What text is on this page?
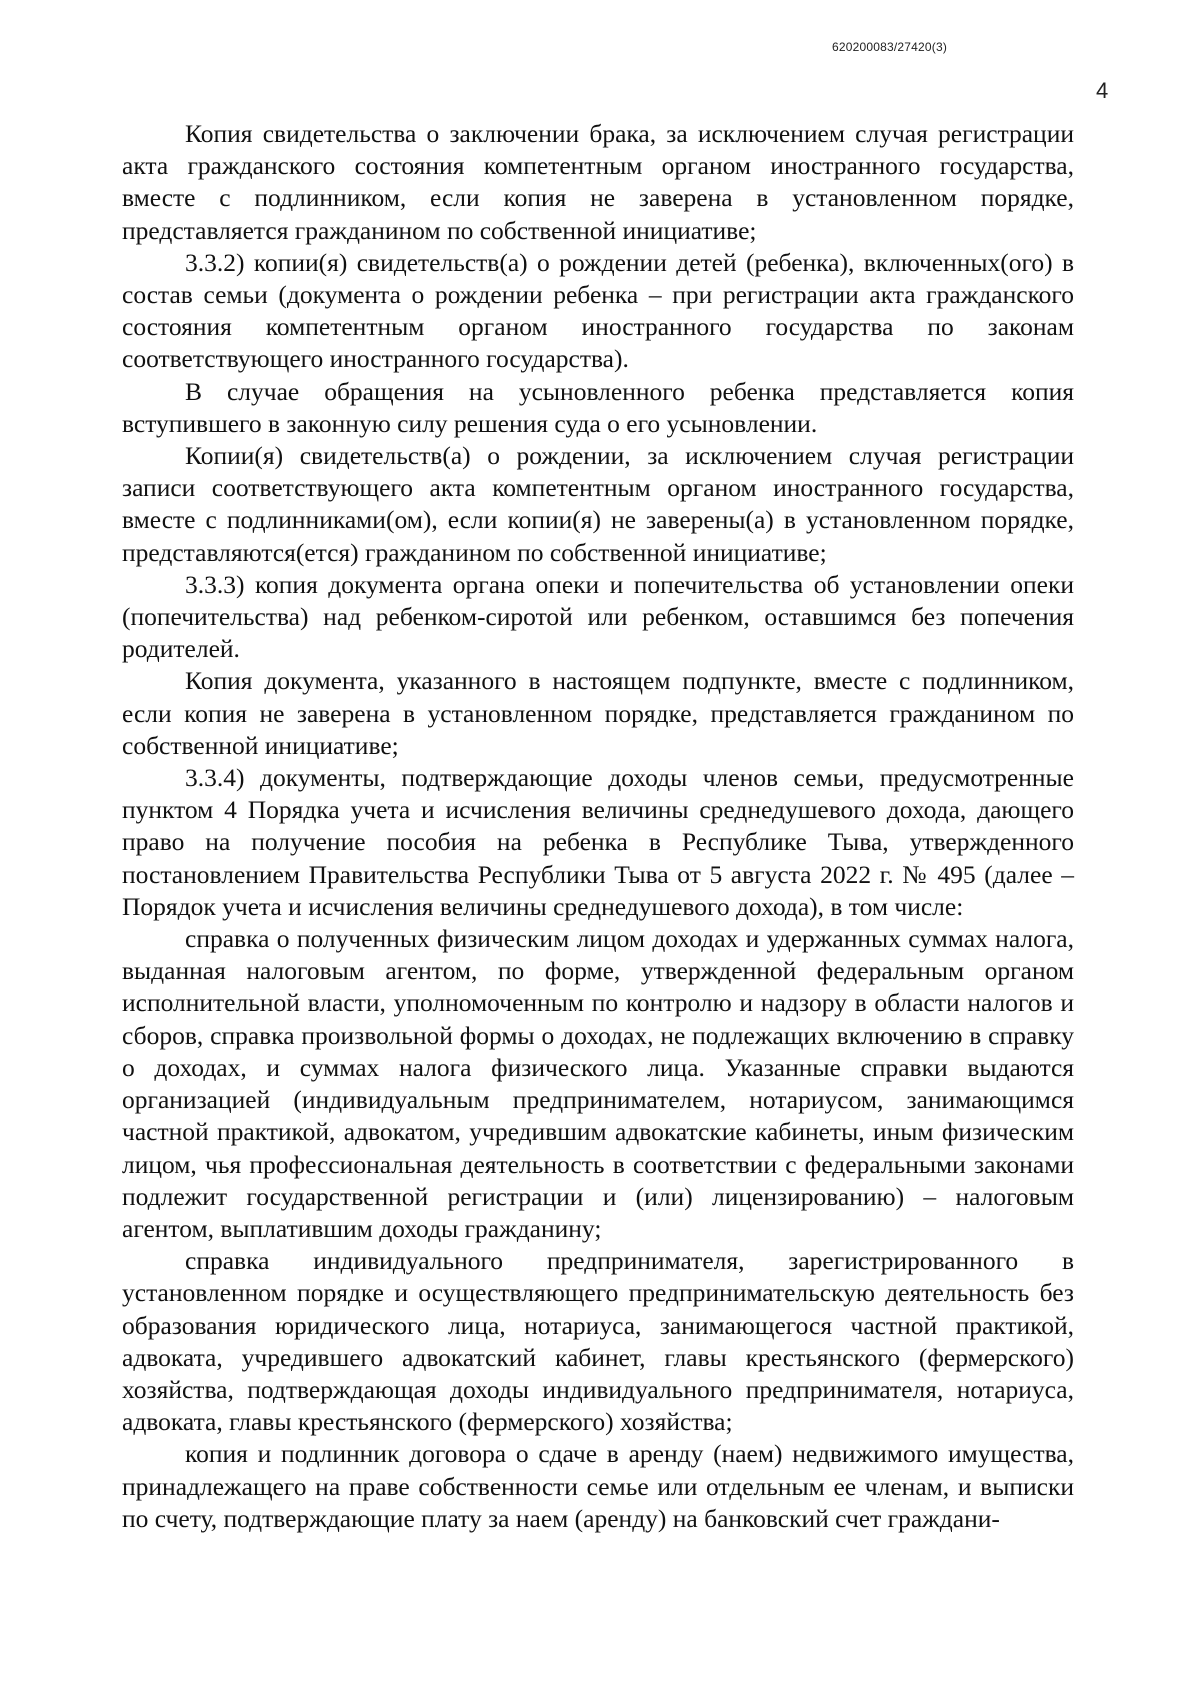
620200083/27420(3)
4

Копия свидетельства о заключении брака, за исключением случая регистрации акта гражданского состояния компетентным органом иностранного государства, вместе с подлинником, если копия не заверена в установленном порядке, представляется гражданином по собственной инициативе;

3.3.2) копии(я) свидетельств(а) о рождении детей (ребенка), включенных(ого) в состав семьи (документа о рождении ребенка – при регистрации акта гражданского состояния компетентным органом иностранного государства по законам соответствующего иностранного государства).

В случае обращения на усыновленного ребенка представляется копия вступившего в законную силу решения суда о его усыновлении.

Копии(я) свидетельств(а) о рождении, за исключением случая регистрации записи соответствующего акта компетентным органом иностранного государства, вместе с подлинниками(ом), если копии(я) не заверены(а) в установленном порядке, представляются(ется) гражданином по собственной инициативе;

3.3.3) копия документа органа опеки и попечительства об установлении опеки (попечительства) над ребенком-сиротой или ребенком, оставшимся без попечения родителей.

Копия документа, указанного в настоящем подпункте, вместе с подлинником, если копия не заверена в установленном порядке, представляется гражданином по собственной инициативе;

3.3.4) документы, подтверждающие доходы членов семьи, предусмотренные пунктом 4 Порядка учета и исчисления величины среднедушевого дохода, дающего право на получение пособия на ребенка в Республике Тыва, утвержденного постановлением Правительства Республики Тыва от 5 августа 2022 г. № 495 (далее – Порядок учета и исчисления величины среднедушевого дохода), в том числе:

справка о полученных физическим лицом доходах и удержанных суммах налога, выданная налоговым агентом, по форме, утвержденной федеральным органом исполнительной власти, уполномоченным по контролю и надзору в области налогов и сборов, справка произвольной формы о доходах, не подлежащих включению в справку о доходах, и суммах налога физического лица. Указанные справки выдаются организацией (индивидуальным предпринимателем, нотариусом, занимающимся частной практикой, адвокатом, учредившим адвокатские кабинеты, иным физическим лицом, чья профессиональная деятельность в соответствии с федеральными законами подлежит государственной регистрации и (или) лицензированию) – налоговым агентом, выплатившим доходы гражданину;

справка индивидуального предпринимателя, зарегистрированного в установленном порядке и осуществляющего предпринимательскую деятельность без образования юридического лица, нотариуса, занимающегося частной практикой, адвоката, учредившего адвокатский кабинет, главы крестьянского (фермерского) хозяйства, подтверждающая доходы индивидуального предпринимателя, нотариуса, адвоката, главы крестьянского (фермерского) хозяйства;

копия и подлинник договора о сдаче в аренду (наем) недвижимого имущества, принадлежащего на праве собственности семье или отдельным ее членам, и выписки по счету, подтверждающие плату за наем (аренду) на банковский счет граждани-
